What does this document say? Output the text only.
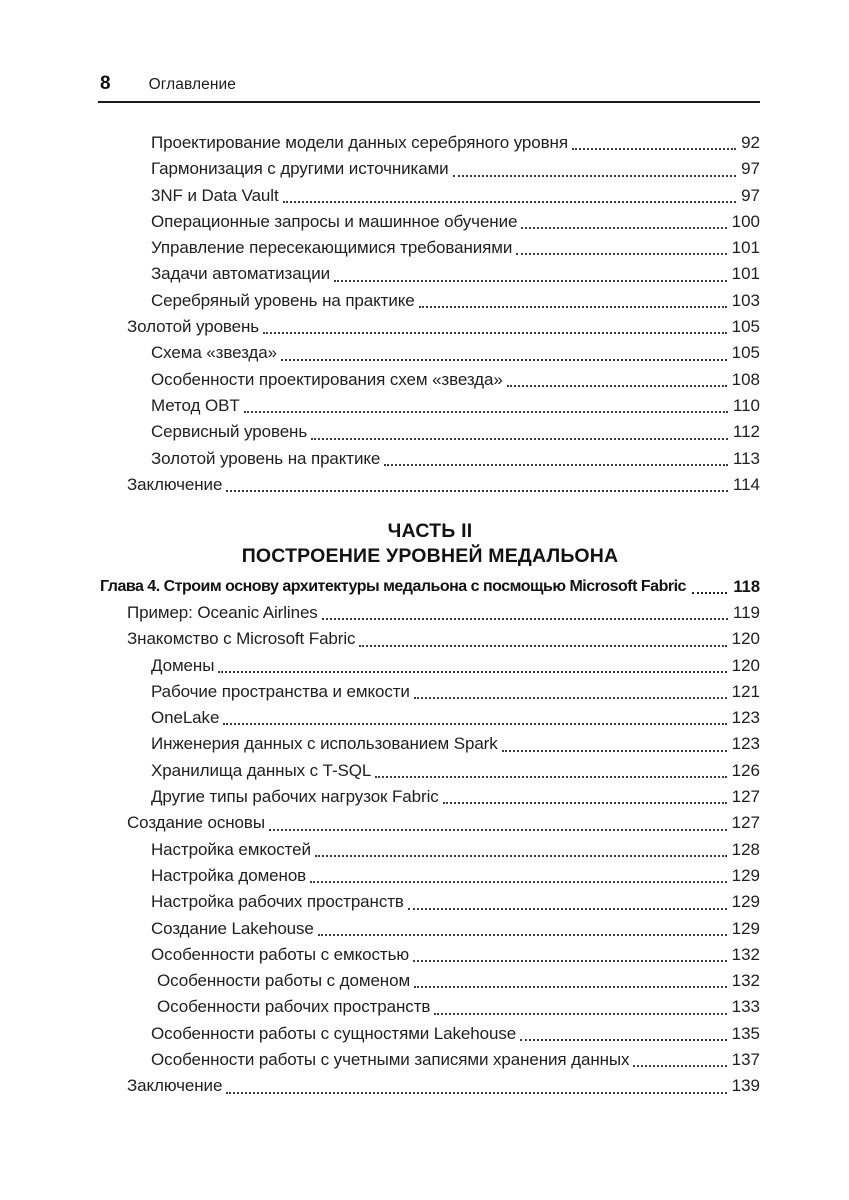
8 Оглавление
Проектирование модели данных серебряного уровня	92
Гармонизация с другими источниками	97
3NF и Data Vault	97
Операционные запросы и машинное обучение	100
Управление пересекающимися требованиями	101
Задачи автоматизации	101
Серебряный уровень на практике	103
Золотой уровень	105
Схема «звезда»	105
Особенности проектирования схем «звезда»	108
Метод OBT	110
Сервисный уровень	112
Золотой уровень на практике	113
Заключение	114
ЧАСТЬ II
ПОСТРОЕНИЕ УРОВНЕЙ МЕДАЛЬОНА
Глава 4. Строим основу архитектуры медальона с посмощью Microsoft Fabric	118
Пример: Oceanic Airlines	119
Знакомство с Microsoft Fabric	120
Домены	120
Рабочие пространства и емкости	121
OneLake	123
Инженерия данных с использованием Spark	123
Хранилища данных с T-SQL	126
Другие типы рабочих нагрузок Fabric	127
Создание основы	127
Настройка емкостей	128
Настройка доменов	129
Настройка рабочих пространств	129
Создание Lakehouse	129
Особенности работы с емкостью	132
Особенности работы с доменом	132
Особенности рабочих пространств	133
Особенности работы с сущностями Lakehouse	135
Особенности работы с учетными записями хранения данных	137
Заключение	139
